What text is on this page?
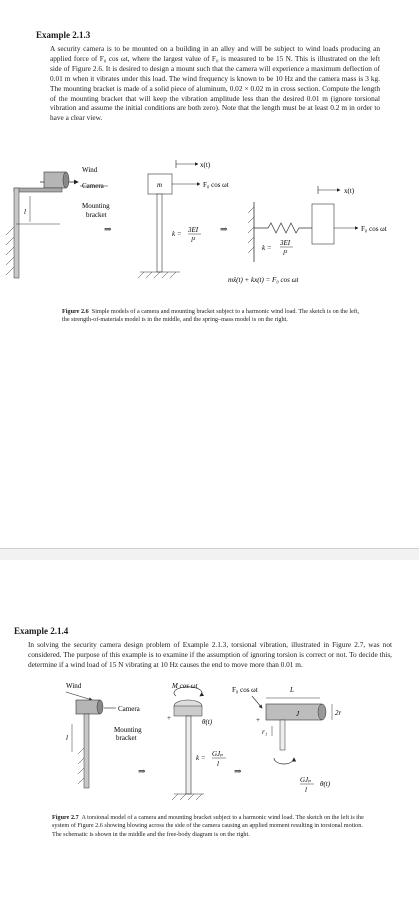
Example 2.1.3

A security camera is to be mounted on a building in an alley and will be subject to wind loads producing an applied force of F₀ cos ωt, where the largest value of F₀ is measured to be 15 N. This is illustrated on the left side of Figure 2.6. It is desired to design a mount such that the camera will experience a maximum deflection of 0.01 m when it vibrates under this load. The wind frequency is known to be 10 Hz and the camera mass is 3 kg. The mounting bracket is made of a solid piece of aluminum, 0.02 × 0.02 m in cross section. Compute the length of the mounting bracket that will keep the vibration amplitude less than the desired 0.01 m (ignore torsional vibration and assume the initial conditions are both zero). Note that the length must be at least 0.2 m in order to have a clear view.

Wind
Camera
Mounting
bracket
l
⇒
m
x(t)
F₀ cos ωt
k = 3EI
l³
⇒
x(t)
F₀ cos ωt
k =
3EI
l³
mẍ(t) + kx(t) = F₀ cos ωt

Figure 2.6 Simple models of a camera and mounting bracket subject to a harmonic wind load. The sketch is on the left, the strength-of-materials model is in the middle, and the spring–mass model is on the right.

Example 2.1.4

In solving the security camera design problem of Example 2.1.3, torsional vibration, illustrated in Figure 2.7, was not considered. The purpose of this example is to examine if the assumption of ignoring torsion is correct or not. To decide this, determine if a wind load of 15 N vibrating at 10 Hz causes the end to move more than 0.01 m.

Wind
Camera
Mounting
bracket
l
⇒
M cos ωt
θ(t)
+
k = GJₚ
l
⇒
F₀ cos ωt	L
J	2r
+
r₁
GJₚ
l
θ(t)

Figure 2.7 A torsional model of a camera and mounting bracket subject to a harmonic wind load. The sketch on the left is the system of Figure 2.6 showing blowing across the side of the camera causing an applied moment resulting in torsional motion. The schematic is shown in the middle and the free-body diagram is on the right.
